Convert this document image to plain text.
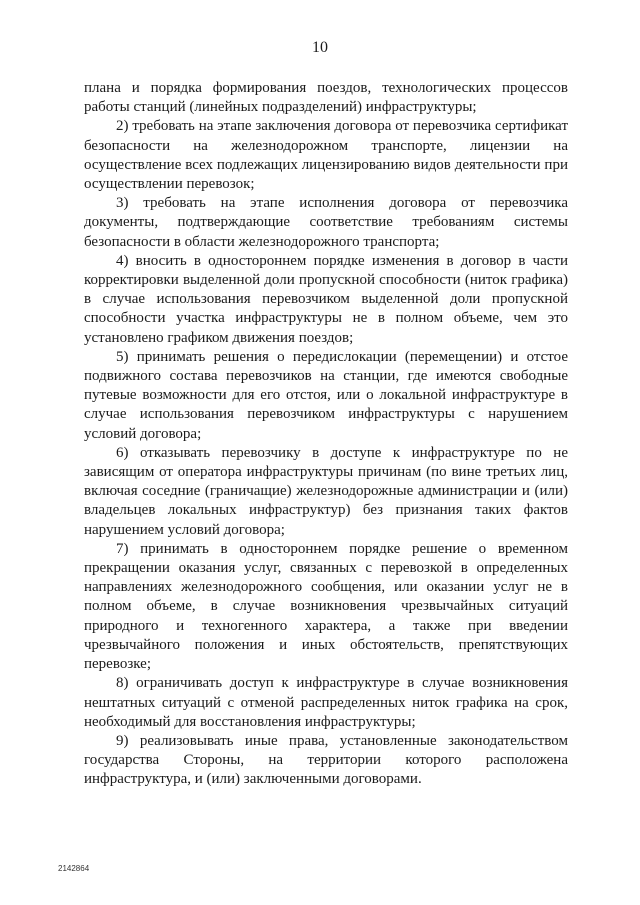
10

плана и порядка формирования поездов, технологических процессов работы станций (линейных подразделений) инфраструктуры;

2) требовать на этапе заключения договора от перевозчика сертификат безопасности на железнодорожном транспорте, лицензии на осуществление всех подлежащих лицензированию видов деятельности при осуществлении перевозок;

3) требовать на этапе исполнения договора от перевозчика документы, подтверждающие соответствие требованиям системы безопасности в области железнодорожного транспорта;

4) вносить в одностороннем порядке изменения в договор в части корректировки выделенной доли пропускной способности (ниток графика) в случае использования перевозчиком выделенной доли пропускной способности участка инфраструктуры не в полном объеме, чем это установлено графиком движения поездов;

5) принимать решения о передислокации (перемещении) и отстое подвижного состава перевозчиков на станции, где имеются свободные путевые возможности для его отстоя, или о локальной инфраструктуре в случае использования перевозчиком инфраструктуры с нарушением условий договора;

6) отказывать перевозчику в доступе к инфраструктуре по не зависящим от оператора инфраструктуры причинам (по вине третьих лиц, включая соседние (граничащие) железнодорожные администрации и (или) владельцев локальных инфраструктур) без признания таких фактов нарушением условий договора;

7) принимать в одностороннем порядке решение о временном прекращении оказания услуг, связанных с перевозкой в определенных направлениях железнодорожного сообщения, или оказании услуг не в полном объеме, в случае возникновения чрезвычайных ситуаций природного и техногенного характера, а также при введении чрезвычайного положения и иных обстоятельств, препятствующих перевозке;

8) ограничивать доступ к инфраструктуре в случае возникновения нештатных ситуаций с отменой распределенных ниток графика на срок, необходимый для восстановления инфраструктуры;

9) реализовывать иные права, установленные законодательством государства Стороны, на территории которого расположена инфраструктура, и (или) заключенными договорами.

2142864
